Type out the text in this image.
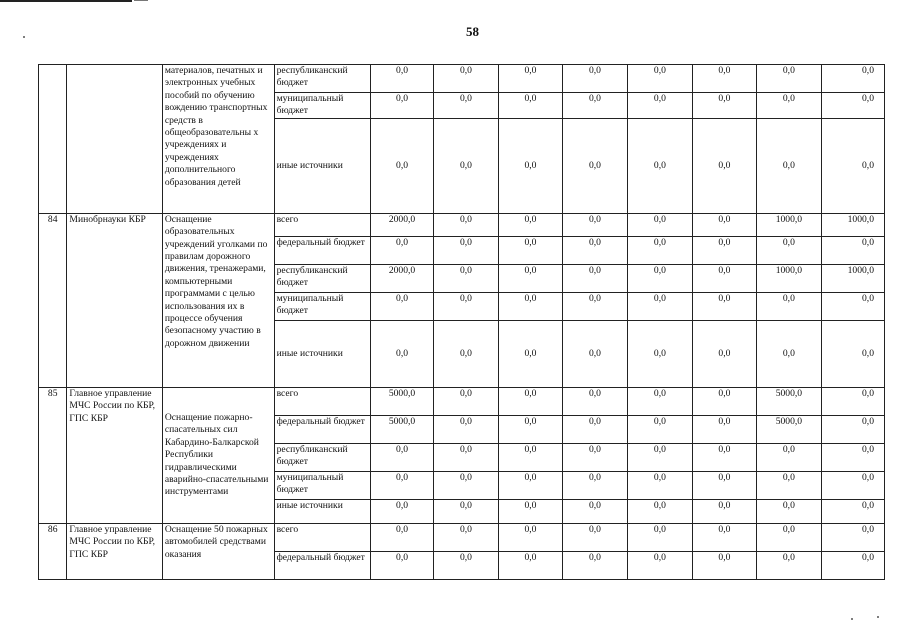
58
		материалов, печатных и электронных учебных пособий по обучению вождению транспортных средств в общеобразовательны х учреждениях и учреждениях дополнительного образования детей	республиканский бюджет	0,0	0,0	0,0	0,0	0,0	0,0	0,0	0,0
			муниципальный бюджет	0,0	0,0	0,0	0,0	0,0	0,0	0,0	0,0
			иные источники	0,0	0,0	0,0	0,0	0,0	0,0	0,0	0,0
84	Минобрнауки КБР	Оснащение образовательных учреждений уголками по правилам дорожного движения, тренажерами, компьютерными программами с целью использования их в процессе обучения безопасному участию в дорожном движении	всего	2000,0	0,0	0,0	0,0	0,0	0,0	1000,0	1000,0
			федеральный бюджет	0,0	0,0	0,0	0,0	0,0	0,0	0,0	0,0
			республиканский бюджет	2000,0	0,0	0,0	0,0	0,0	0,0	1000,0	1000,0
			муниципальный бюджет	0,0	0,0	0,0	0,0	0,0	0,0	0,0	0,0
			иные источники	0,0	0,0	0,0	0,0	0,0	0,0	0,0	0,0
85	Главное управление МЧС России по КБР, ГПС КБР	Оснащение пожарно-спасательных сил Кабардино-Балкарской Республики гидравлическими аварийно-спасательными инструментами	всего	5000,0	0,0	0,0	0,0	0,0	0,0	5000,0	0,0
			федеральный бюджет	5000,0	0,0	0,0	0,0	0,0	0,0	5000,0	0,0
			республиканский бюджет	0,0	0,0	0,0	0,0	0,0	0,0	0,0	0,0
			муниципальный бюджет	0,0	0,0	0,0	0,0	0,0	0,0	0,0	0,0
			иные источники	0,0	0,0	0,0	0,0	0,0	0,0	0,0	0,0
86	Главное управление МЧС России по КБР, ГПС КБР	Оснащение 50 пожарных автомобилей средствами оказания	всего	0,0	0,0	0,0	0,0	0,0	0,0	0,0	0,0
			федеральный бюджет	0,0	0,0	0,0	0,0	0,0	0,0	0,0	0,0
